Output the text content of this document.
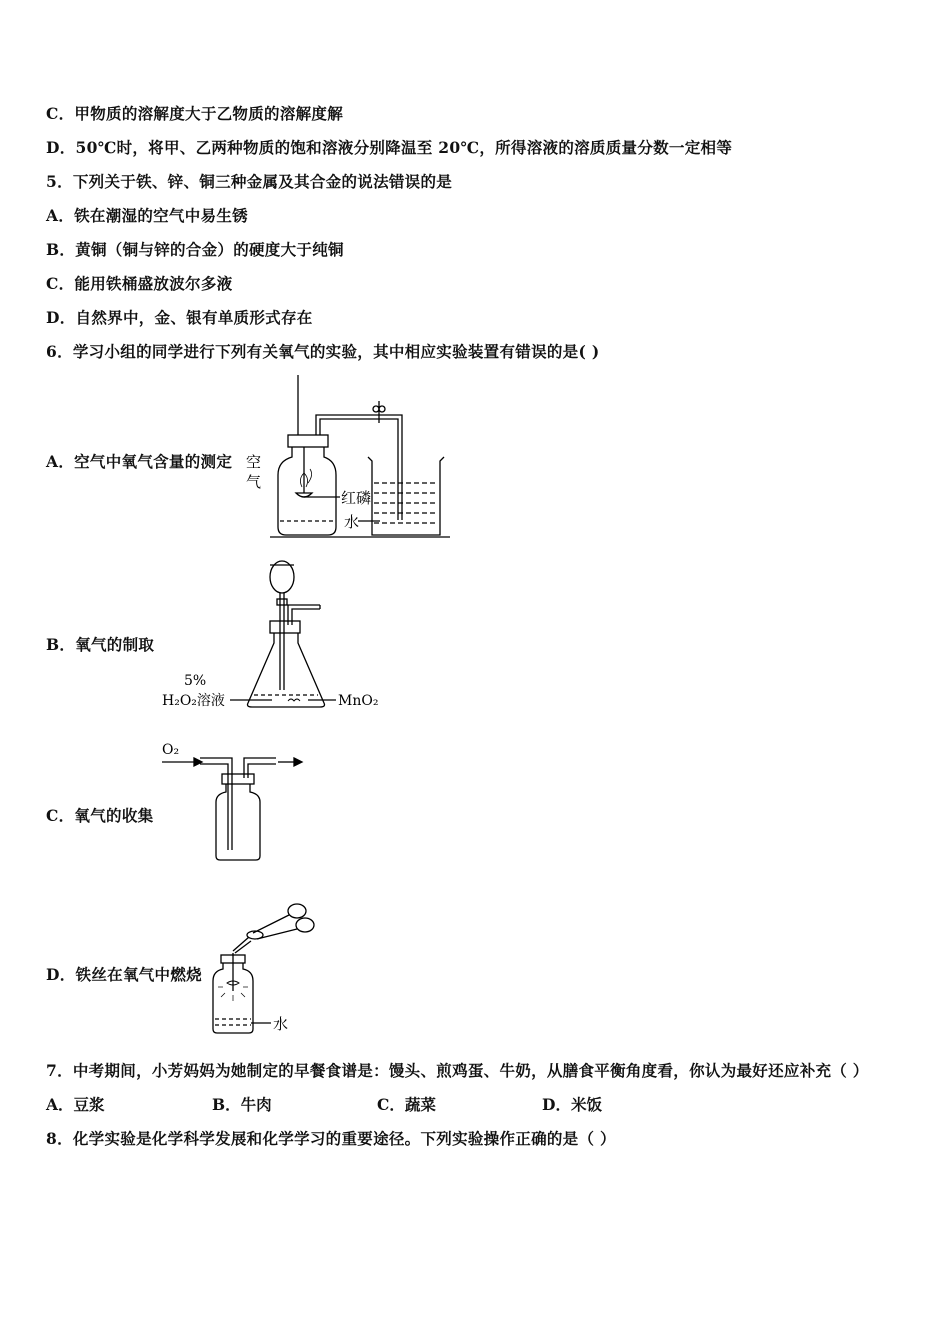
C．甲物质的溶解度大于乙物质的溶解度解
D．50℃时，将甲、乙两种物质的饱和溶液分别降温至 20℃，所得溶液的溶质质量分数一定相等
5．下列关于铁、锌、铜三种金属及其合金的说法错误的是
A．铁在潮湿的空气中易生锈
B．黄铜（铜与锌的合金）的硬度大于纯铜
C．能用铁桶盛放波尔多液
D．自然界中，金、银有单质形式存在
6．学习小组的同学进行下列有关氧气的实验，其中相应实验装置有错误的是( )
A．空气中氧气含量的测定
B．氧气的制取
C．氧气的收集
D．铁丝在氧气中燃烧
空
气
红磷
水
5%
H₂O₂溶液	MnO₂
O₂
水
7．中考期间，小芳妈妈为她制定的早餐食谱是：馒头、煎鸡蛋、牛奶，从膳食平衡角度看，你认为最好还应补充（ ）
A．豆浆	B．牛肉	C．蔬菜	D．米饭
8．化学实验是化学科学发展和化学学习的重要途径。下列实验操作正确的是（ ）
